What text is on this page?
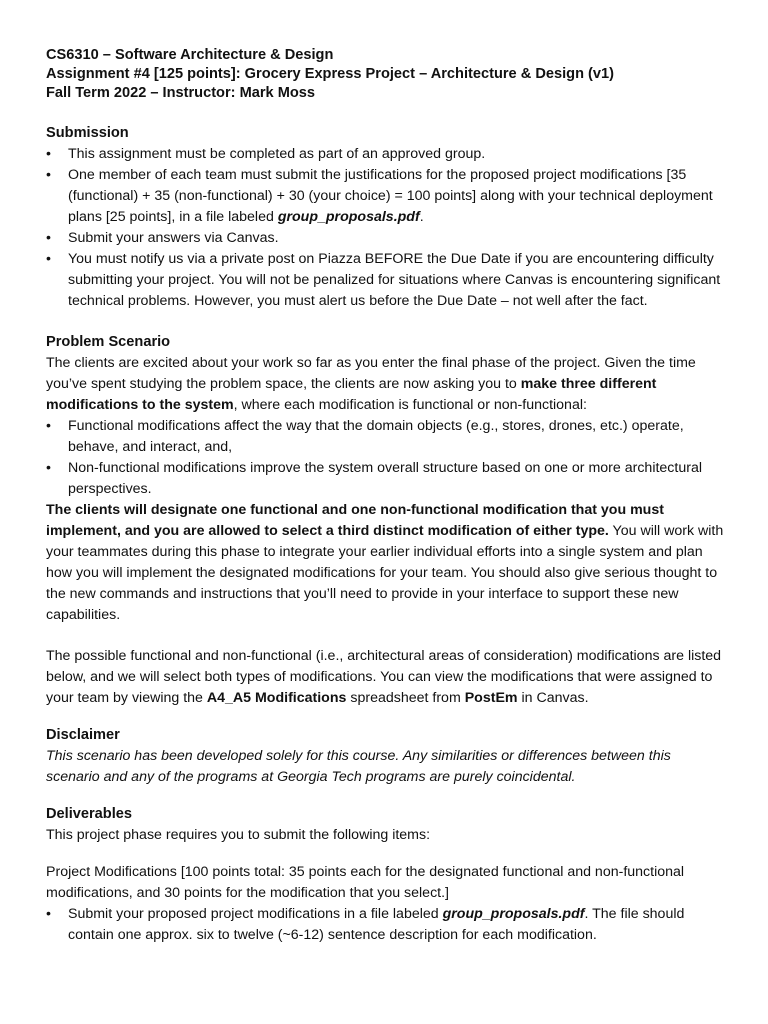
CS6310 – Software Architecture & Design

Assignment #4 [125 points]: Grocery Express Project – Architecture & Design (v1)

Fall Term 2022 – Instructor: Mark Moss

Submission

• This assignment must be completed as part of an approved group.
• One member of each team must submit the justifications for the proposed project modifications [35 (functional) + 35 (non-functional) + 30 (your choice) = 100 points] along with your technical deployment plans [25 points], in a file labeled group_proposals.pdf.
• Submit your answers via Canvas.
• You must notify us via a private post on Piazza BEFORE the Due Date if you are encountering difficulty submitting your project. You will not be penalized for situations where Canvas is encountering significant technical problems. However, you must alert us before the Due Date – not well after the fact.

Problem Scenario

The clients are excited about your work so far as you enter the final phase of the project. Given the time you’ve spent studying the problem space, the clients are now asking you to make three different modifications to the system, where each modification is functional or non-functional:

• Functional modifications affect the way that the domain objects (e.g., stores, drones, etc.) operate, behave, and interact, and,
• Non-functional modifications improve the system overall structure based on one or more architectural perspectives.

The clients will designate one functional and one non-functional modification that you must implement, and you are allowed to select a third distinct modification of either type. You will work with your teammates during this phase to integrate your earlier individual efforts into a single system and plan how you will implement the designated modifications for your team. You should also give serious thought to the new commands and instructions that you’ll need to provide in your interface to support these new capabilities.

The possible functional and non-functional (i.e., architectural areas of consideration) modifications are listed below, and we will select both types of modifications. You can view the modifications that were assigned to your team by viewing the A4_A5 Modifications spreadsheet from PostEm in Canvas.

Disclaimer

This scenario has been developed solely for this course. Any similarities or differences between this scenario and any of the programs at Georgia Tech programs are purely coincidental.

Deliverables

This project phase requires you to submit the following items:

Project Modifications [100 points total: 35 points each for the designated functional and non-functional modifications, and 30 points for the modification that you select.]

• Submit your proposed project modifications in a file labeled group_proposals.pdf. The file should contain one approx. six to twelve (~6-12) sentence description for each modification.
